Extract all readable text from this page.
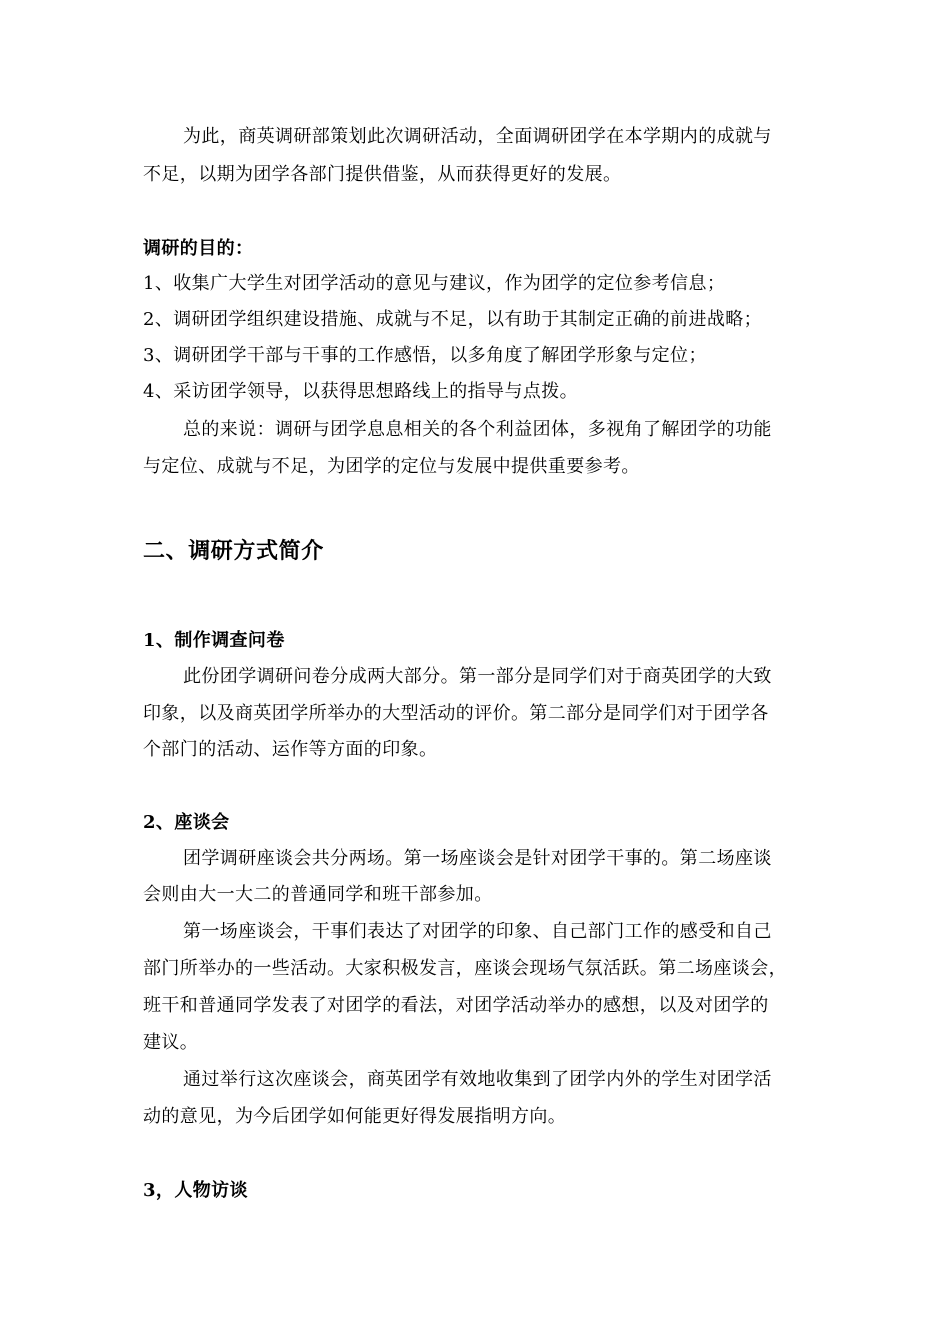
为此，商英调研部策划此次调研活动，全面调研团学在本学期内的成就与
不足，以期为团学各部门提供借鉴，从而获得更好的发展。
调研的目的：
1、收集广大学生对团学活动的意见与建议，作为团学的定位参考信息；
2、调研团学组织建设措施、成就与不足，以有助于其制定正确的前进战略；
3、调研团学干部与干事的工作感悟，以多角度了解团学形象与定位；
4、采访团学领导，以获得思想路线上的指导与点拨。
总的来说：调研与团学息息相关的各个利益团体，多视角了解团学的功能
与定位、成就与不足，为团学的定位与发展中提供重要参考。
二、调研方式简介
1、制作调查问卷
此份团学调研问卷分成两大部分。第一部分是同学们对于商英团学的大致
印象，以及商英团学所举办的大型活动的评价。第二部分是同学们对于团学各
个部门的活动、运作等方面的印象。
2、座谈会
团学调研座谈会共分两场。第一场座谈会是针对团学干事的。第二场座谈
会则由大一大二的普通同学和班干部参加。
第一场座谈会，干事们表达了对团学的印象、自己部门工作的感受和自己
部门所举办的一些活动。大家积极发言，座谈会现场气氛活跃。第二场座谈会，
班干和普通同学发表了对团学的看法，对团学活动举办的感想，以及对团学的
建议。
通过举行这次座谈会，商英团学有效地收集到了团学内外的学生对团学活
动的意见，为今后团学如何能更好得发展指明方向。
3，人物访谈
